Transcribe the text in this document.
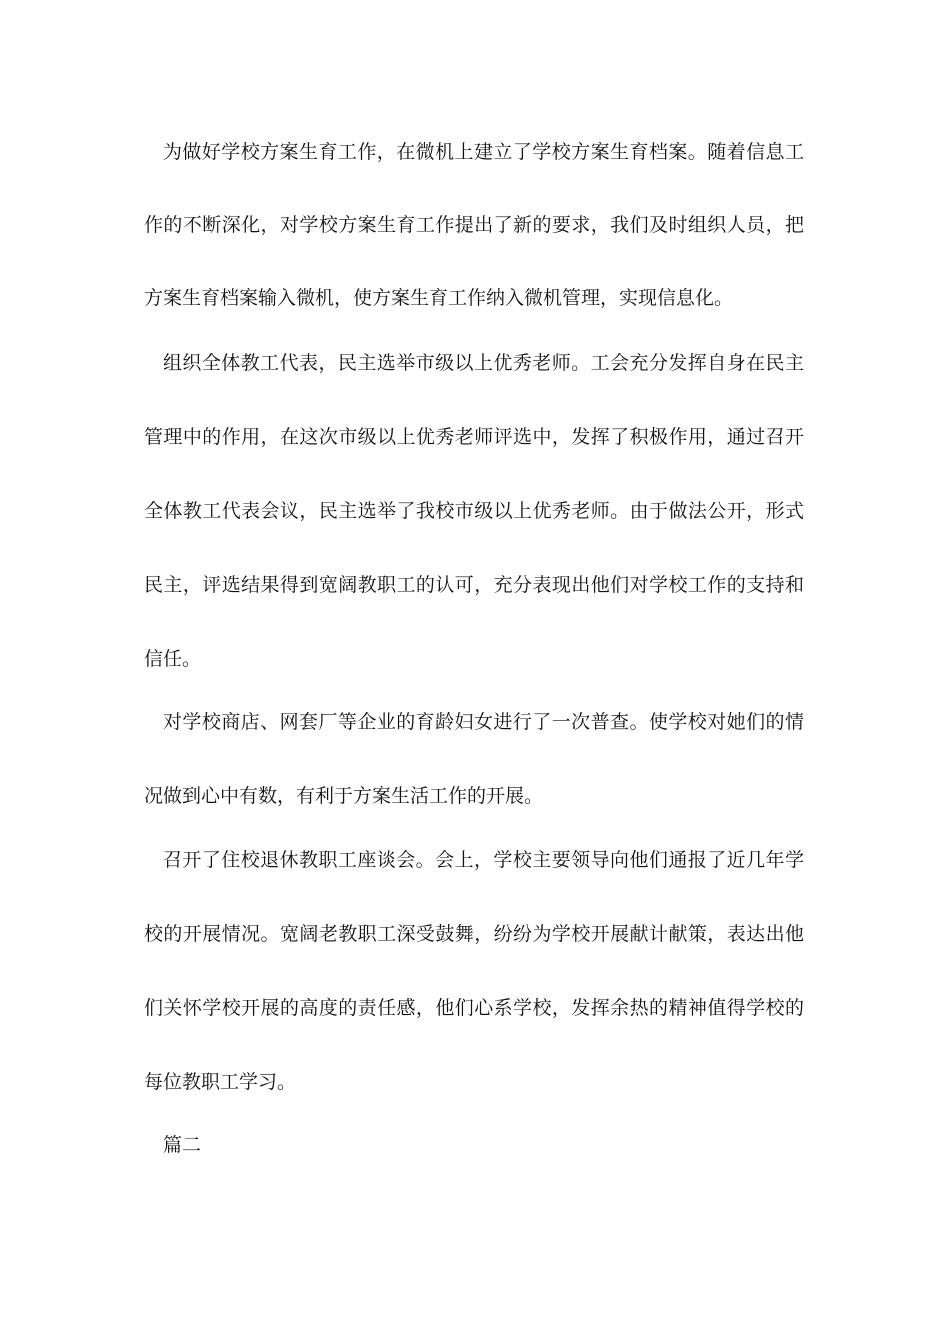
为做好学校方案生育工作，在微机上建立了学校方案生育档案。随着信息工
作的不断深化，对学校方案生育工作提出了新的要求，我们及时组织人员，把
方案生育档案输入微机，使方案生育工作纳入微机管理，实现信息化。
组织全体教工代表，民主选举市级以上优秀老师。工会充分发挥自身在民主
管理中的作用，在这次市级以上优秀老师评选中，发挥了积极作用，通过召开
全体教工代表会议，民主选举了我校市级以上优秀老师。由于做法公开，形式
民主，评选结果得到宽阔教职工的认可，充分表现出他们对学校工作的支持和
信任。
对学校商店、网套厂等企业的育龄妇女进行了一次普查。使学校对她们的情
况做到心中有数，有利于方案生活工作的开展。
召开了住校退休教职工座谈会。会上，学校主要领导向他们通报了近几年学
校的开展情况。宽阔老教职工深受鼓舞，纷纷为学校开展献计献策，表达出他
们关怀学校开展的高度的责任感，他们心系学校，发挥余热的精神值得学校的
每位教职工学习。
篇二
